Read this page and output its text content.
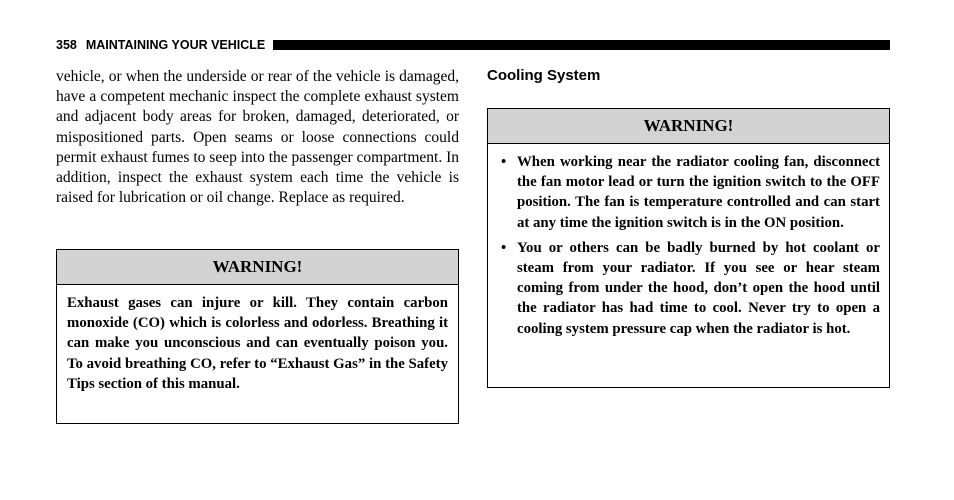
358 MAINTAINING YOUR VEHICLE

vehicle, or when the underside or rear of the vehicle is damaged, have a competent mechanic inspect the complete exhaust system and adjacent body areas for broken, damaged, deteriorated, or mispositioned parts. Open seams or loose connections could permit exhaust fumes to seep into the passenger compartment. In addition, inspect the exhaust system each time the vehicle is raised for lubrication or oil change. Replace as required.

WARNING!

Exhaust gases can injure or kill. They contain carbon monoxide (CO) which is colorless and odorless. Breathing it can make you unconscious and can eventually poison you. To avoid breathing CO, refer to “Exhaust Gas” in the Safety Tips section of this manual.

Cooling System
WARNING!
• When working near the radiator cooling fan, disconnect the fan motor lead or turn the ignition switch to the OFF position. The fan is temperature controlled and can start at any time the ignition switch is in the ON position.
• You or others can be badly burned by hot coolant or steam from your radiator. If you see or hear steam coming from under the hood, don’t open the hood until the radiator has had time to cool. Never try to open a cooling system pressure cap when the radiator is hot.
